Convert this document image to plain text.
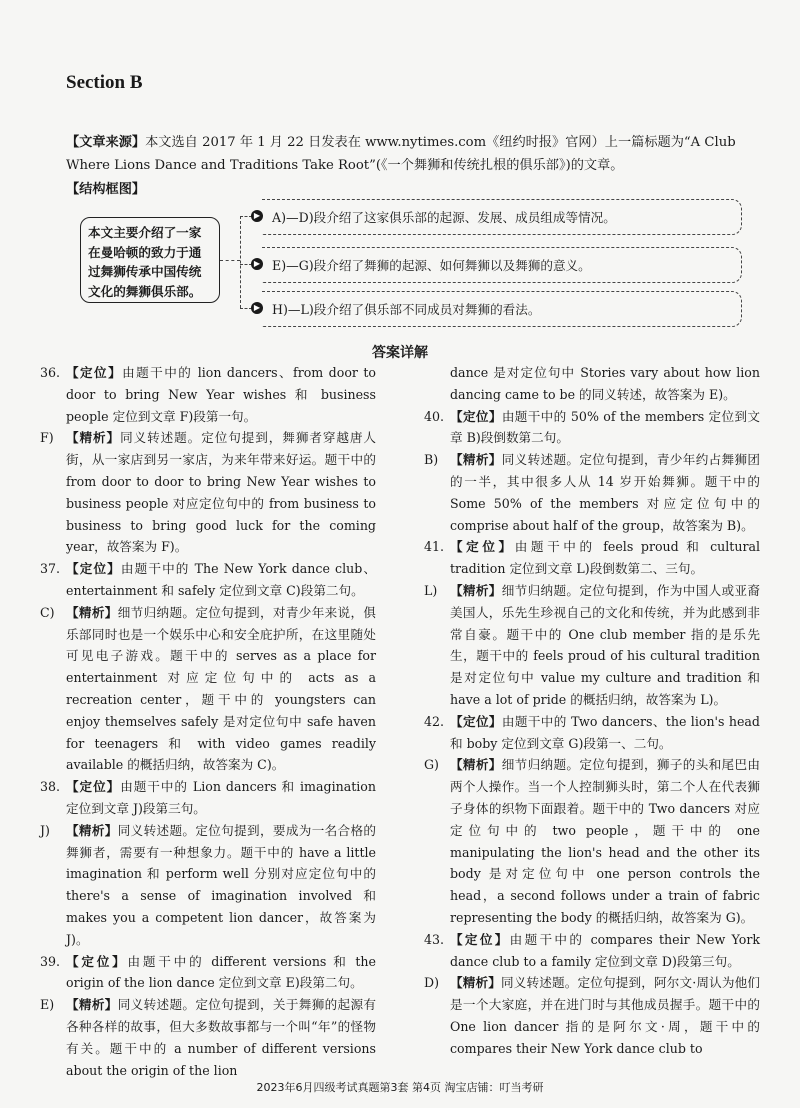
Section B
【文章来源】本文选自 2017 年 1 月 22 日发表在 www.nytimes.com《纽约时报》官网）上一篇标题为“A Club Where Lions Dance and Traditions Take Root”(《一个舞狮和传统扎根的俱乐部》)的文章。
【结构框图】
本文主要介绍了一家在曼哈顿的致力于通过舞狮传承中国传统文化的舞狮俱乐部。
▶
▶
▶
A)—D)段介绍了这家俱乐部的起源、发展、成员组成等情况。
E)—G)段介绍了舞狮的起源、如何舞狮以及舞狮的意义。
H)—L)段介绍了俱乐部不同成员对舞狮的看法。
答案详解
36. 【定位】由题干中的 lion dancers、from door to door to bring New Year wishes 和 business people 定位到文章 F)段第一句。
F) 【精析】同义转述题。定位句提到，舞狮者穿越唐人街，从一家店到另一家店，为来年带来好运。题干中的 from door to door to bring New Year wishes to business people 对应定位句中的 from business to business to bring good luck for the coming year，故答案为 F)。
37. 【定位】由题干中的 The New York dance club、entertainment 和 safely 定位到文章 C)段第二句。
C) 【精析】细节归纳题。定位句提到，对青少年来说，俱乐部同时也是一个娱乐中心和安全庇护所，在这里随处可见电子游戏。题干中的 serves as a place for entertainment 对应定位句中的 acts as a recreation center，题干中的 youngsters can enjoy themselves safely 是对定位句中 safe haven for teenagers 和 with video games readily available 的概括归纳，故答案为 C)。
38. 【定位】由题干中的 Lion dancers 和 imagination 定位到文章 J)段第三句。
J)	【精析】同义转述题。定位句提到，要成为一名合格的舞狮者，需要有一种想象力。题干中的 have a little imagination 和 perform well 分别对应定位句中的 there's a sense of imagination involved 和 makes you a competent lion dancer，故答案为 J)。
39. 【定位】由题干中的 different versions 和 the origin of the lion dance 定位到文章 E)段第二句。
E) 【精析】同义转述题。定位句提到，关于舞狮的起源有各种各样的故事，但大多数故事都与一个叫“年”的怪物有关。题干中的 a number of different versions about the origin of the lion
dance 是对定位句中 Stories vary about how lion dancing came to be 的同义转述，故答案为 E)。
40. 【定位】由题干中的 50% of the members 定位到文章 B)段倒数第二句。
B) 【精析】同义转述题。定位句提到，青少年约占舞狮团的一半，其中很多人从 14 岁开始舞狮。题干中的 Some 50% of the members 对应定位句中的 comprise about half of the group，故答案为 B)。
41. 【定位】由题干中的 feels proud 和 cultural tradition 定位到文章 L)段倒数第二、三句。
L)	【精析】细节归纳题。定位句提到，作为中国人或亚裔美国人，乐先生珍视自己的文化和传统，并为此感到非常自豪。题干中的 One club member 指的是乐先生，题干中的 feels proud of his cultural tradition 是对定位句中 value my culture and tradition 和 have a lot of pride 的概括归纳，故答案为 L)。
42. 【定位】由题干中的 Two dancers、the lion's head 和 boby 定位到文章 G)段第一、二句。
G) 【精析】细节归纳题。定位句提到，狮子的头和尾巴由两个人操作。当一个人控制狮头时，第二个人在代表狮子身体的织物下面跟着。题干中的 Two dancers 对应定位句中的 two people，题干中的 one manipulating the lion's head and the other its body 是对定位句中 one person controls the head，a second follows under a train of fabric representing the body 的概括归纳，故答案为 G)。
43. 【定位】由题干中的 compares their New York dance club to a family 定位到文章 D)段第三句。
D) 【精析】同义转述题。定位句提到，阿尔文·周认为他们是一个大家庭，并在进门时与其他成员握手。题干中的 One lion dancer 指的是阿尔文·周，题干中的 compares their New York dance club to
2023年6月四级考试真题第3套 第4页 淘宝店铺：叮当考研
